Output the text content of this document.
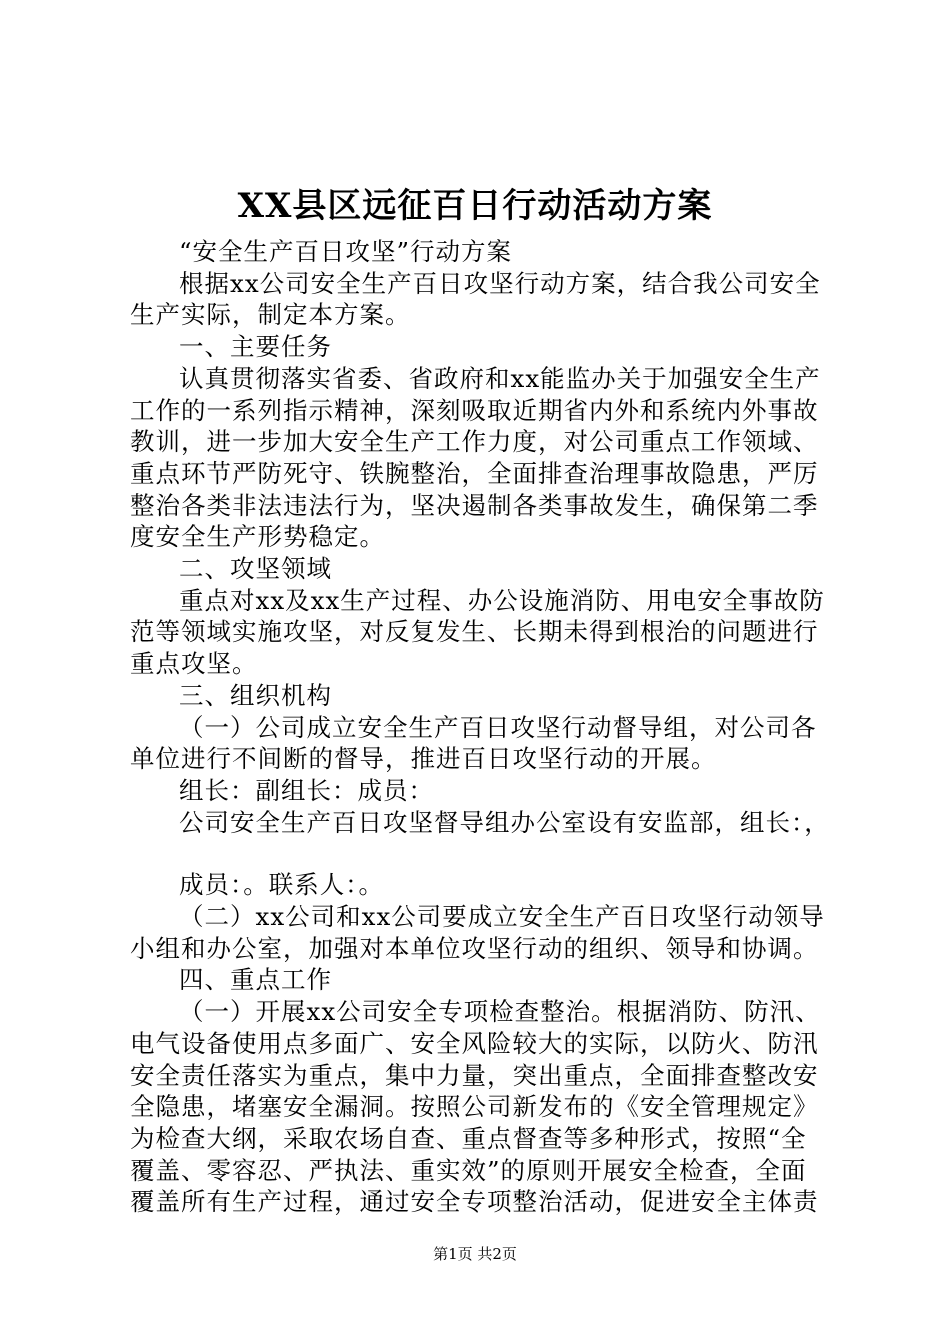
XX县区远征百日行动活动方案

“安全生产百日攻坚”行动方案

根据xx公司安全生产百日攻坚行动方案，结合我公司安全生产实际，制定本方案。

一、主要任务

认真贯彻落实省委、省政府和xx能监办关于加强安全生产工作的一系列指示精神，深刻吸取近期省内外和系统内外事故教训，进一步加大安全生产工作力度，对公司重点工作领域、重点环节严防死守、铁腕整治，全面排查治理事故隐患，严厉整治各类非法违法行为，坚决遏制各类事故发生，确保第二季度安全生产形势稳定。

二、攻坚领域

重点对xx及xx生产过程、办公设施消防、用电安全事故防范等领域实施攻坚，对反复发生、长期未得到根治的问题进行重点攻坚。

三、组织机构

（一）公司成立安全生产百日攻坚行动督导组，对公司各单位进行不间断的督导，推进百日攻坚行动的开展。

组长：副组长：成员：

公司安全生产百日攻坚督导组办公室设有安监部，组长：，

成员：。联系人：。

（二）xx公司和xx公司要成立安全生产百日攻坚行动领导小组和办公室，加强对本单位攻坚行动的组织、领导和协调。

四、重点工作

（一）开展xx公司安全专项检查整治。根据消防、防汛、电气设备使用点多面广、安全风险较大的实际，以防火、防汛安全责任落实为重点，集中力量，突出重点，全面排查整改安全隐患，堵塞安全漏洞。按照公司新发布的《安全管理规定》为检查大纲，采取农场自查、重点督查等多种形式，按照“全覆盖、零容忍、严执法、重实效”的原则开展安全检查，全面覆盖所有生产过程，通过安全专项整治活动，促进安全主体责

第1页 共2页
